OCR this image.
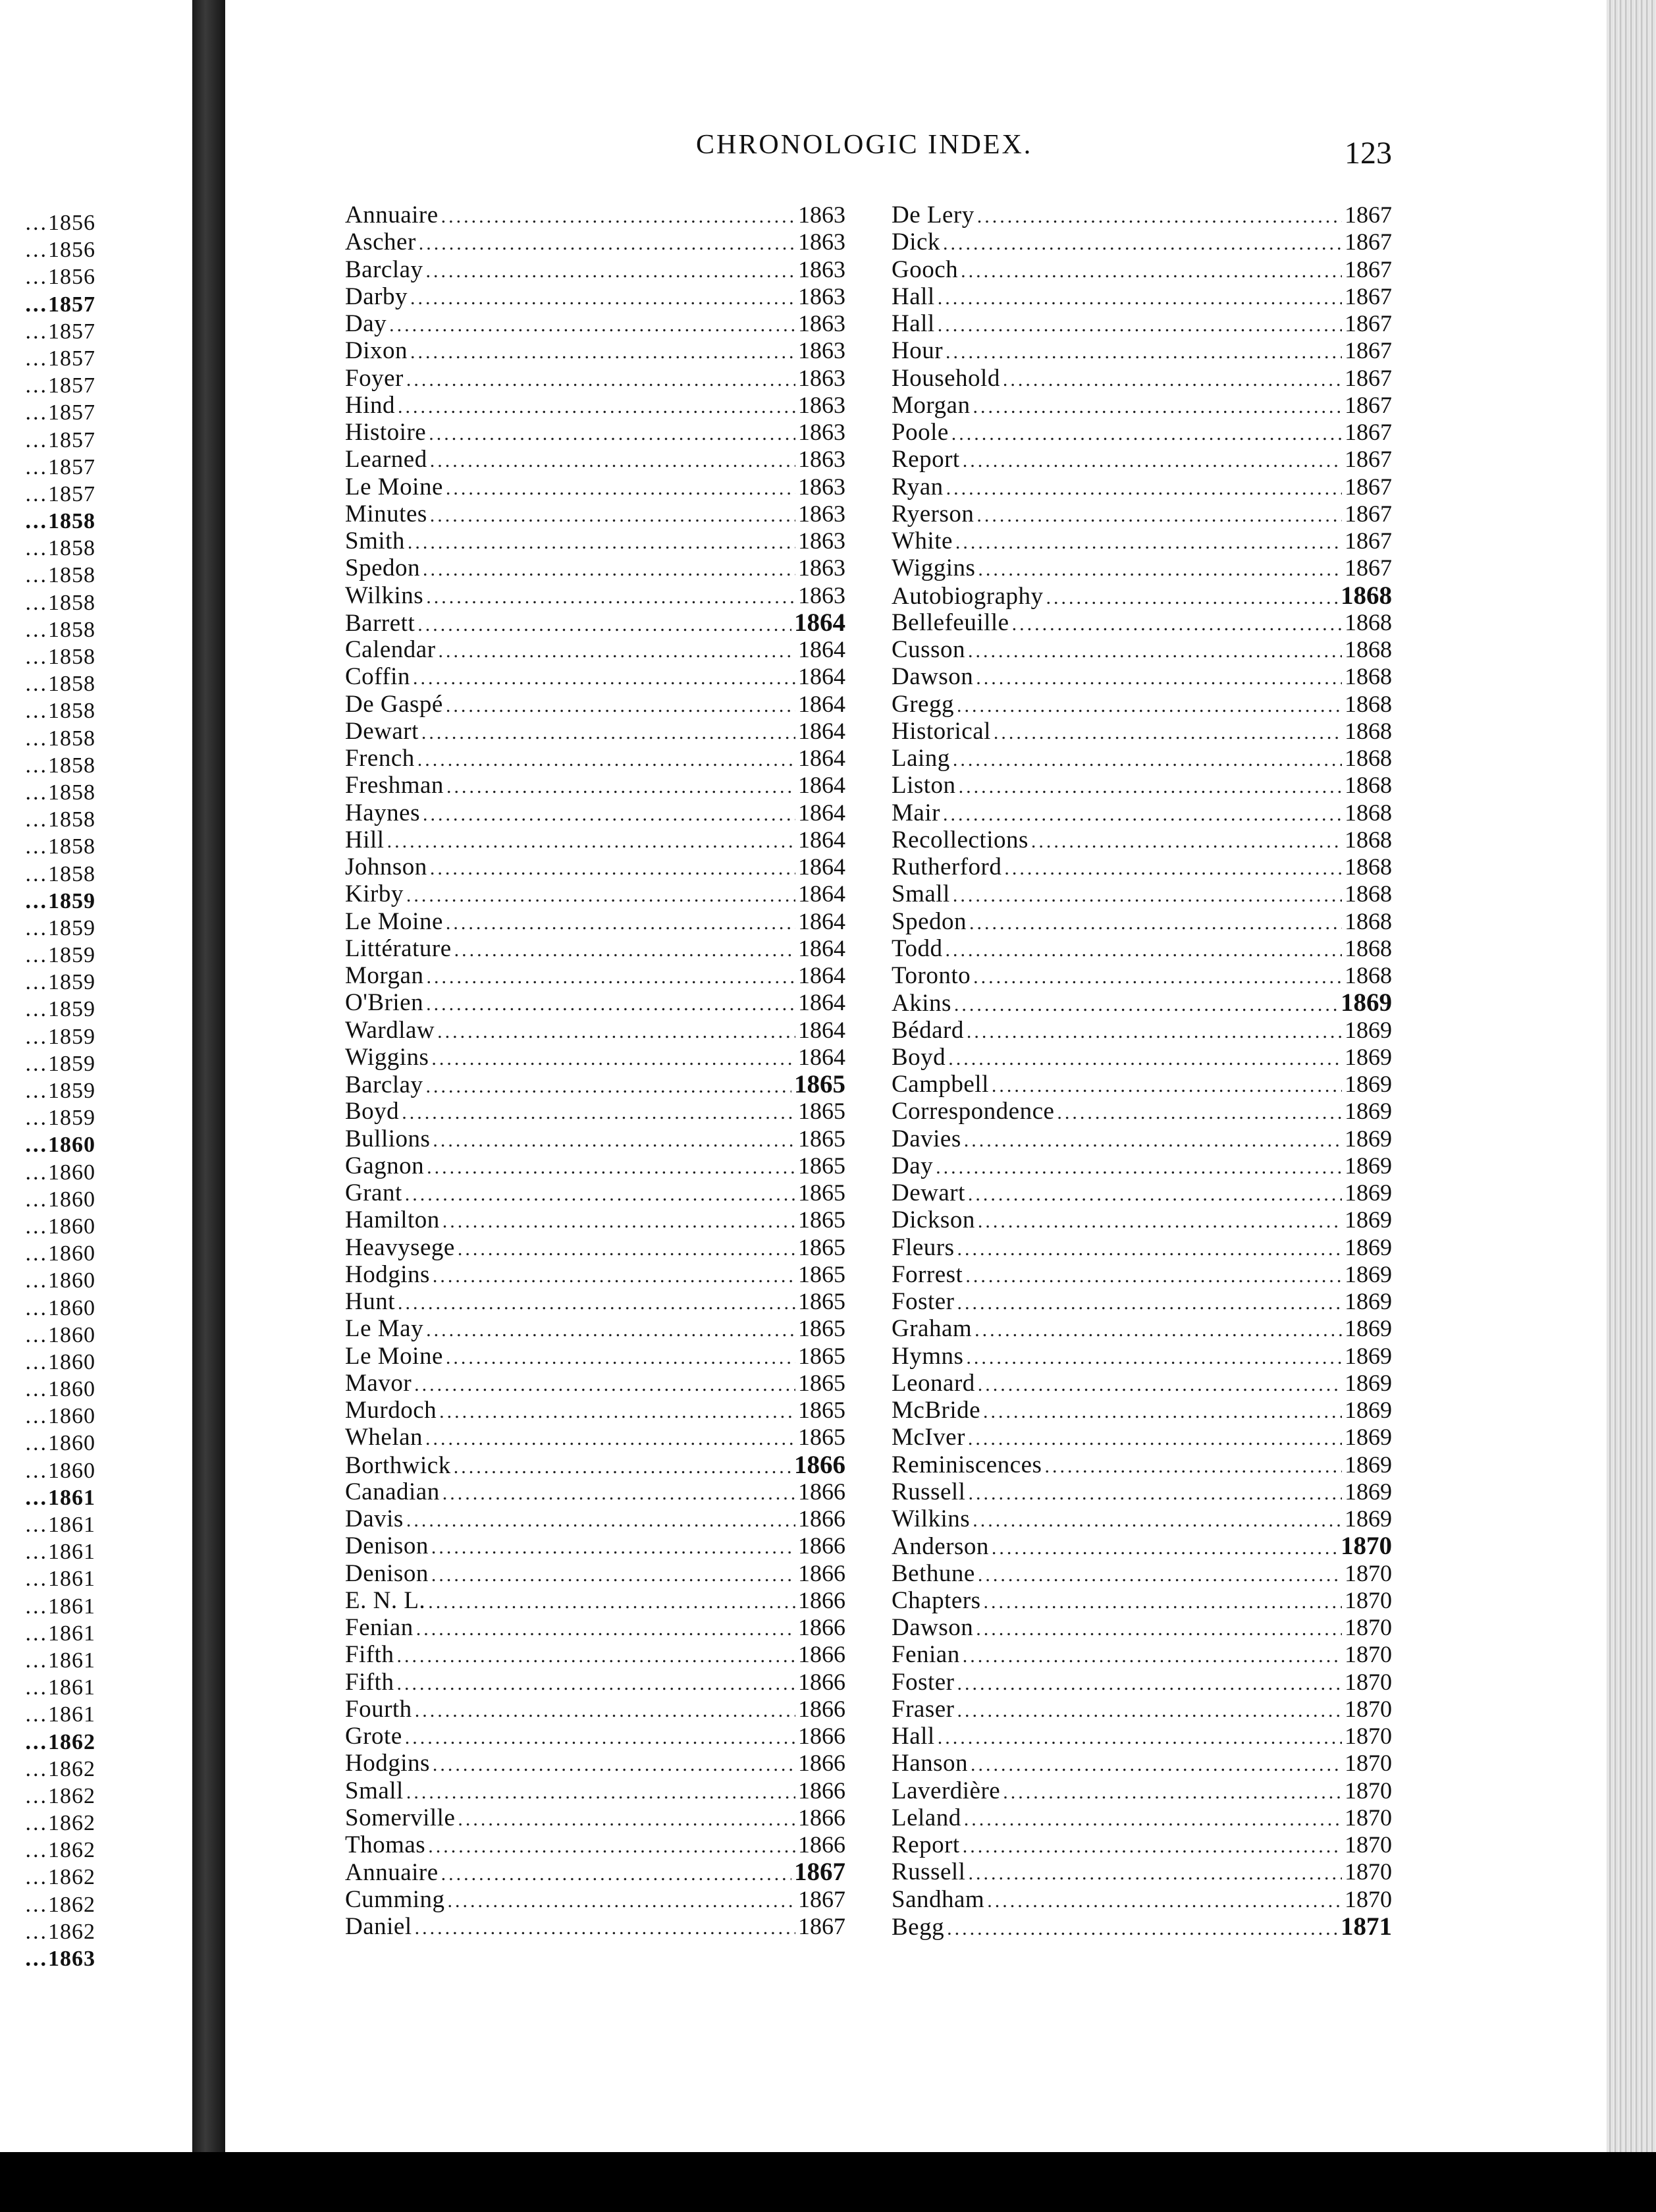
...1856
...1856
...1856
...1857
...1857
...1857
...1857
...1857
...1857
...1857
...1857
...1858
...1858
...1858
...1858
...1858
...1858
...1858
...1858
...1858
...1858
...1858
...1858
...1858
...1858
...1859
...1859
...1859
...1859
...1859
...1859
...1859
...1859
...1859
...1860
...1860
...1860
...1860
...1860
...1860
...1860
...1860
...1860
...1860
...1860
...1860
...1860
...1861
...1861
...1861
...1861
...1861
...1861
...1861
...1861
...1861
...1862
...1862
...1862
...1862
...1862
...1862
...1862
...1862
...1863
CHRONOLOGIC INDEX.	123
Annuaire .....	1863
Ascher .....	1863
Barclay .....	1863
Darby .....	1863
Day .....	1863
Dixon .....	1863
Foyer .....	1863
Hind .....	1863
Histoire .....	1863
Learned .....	1863
Le Moine .....	1863
Minutes .....	1863
Smith .....	1863
Spedon .....	1863
Wilkins .....	1863
Barrett .....	1864
Calendar .....	1864
Coffin .....	1864
De Gaspé .....	1864
Dewart .....	1864
French .....	1864
Freshman .....	1864
Haynes .....	1864
Hill .....	1864
Johnson .....	1864
Kirby .....	1864
Le Moine .....	1864
Littérature .....	1864
Morgan .....	1864
O'Brien .....	1864
Wardlaw .....	1864
Wiggins .....	1864
Barclay .....	1865
Boyd .....	1865
Bullions .....	1865
Gagnon .....	1865
Grant .....	1865
Hamilton .....	1865
Heavysege .....	1865
Hodgins .....	1865
Hunt .....	1865
Le May .....	1865
Le Moine .....	1865
Mavor .....	1865
Murdoch .....	1865
Whelan .....	1865
Borthwick .....	1866
Canadian .....	1866
Davis .....	1866
Denison .....	1866
Denison .....	1866
E. N. L. .....	1866
Fenian .....	1866
Fifth .....	1866
Fifth .....	1866
Fourth .....	1866
Grote .....	1866
Hodgins .....	1866
Small .....	1866
Somerville .....	1866
Thomas .....	1866
Annuaire .....	1867
Cumming .....	1867
Daniel .....	1867
De Lery .....	1867
Dick .....	1867
Gooch .....	1867
Hall .....	1867
Hall .....	1867
Hour .....	1867
Household .....	1867
Morgan .....	1867
Poole .....	1867
Report .....	1867
Ryan .....	1867
Ryerson .....	1867
White .....	1867
Wiggins .....	1867
Autobiography .....	1868
Bellefeuille .....	1868
Cusson .....	1868
Dawson .....	1868
Gregg .....	1868
Historical .....	1868
Laing .....	1868
Liston .....	1868
Mair .....	1868
Recollections .....	1868
Rutherford .....	1868
Small .....	1868
Spedon .....	1868
Todd .....	1868
Toronto .....	1868
Akins .....	1869
Bédard .....	1869
Boyd .....	1869
Campbell .....	1869
Correspondence .....	1869
Davies .....	1869
Day .....	1869
Dewart .....	1869
Dickson .....	1869
Fleurs .....	1869
Forrest .....	1869
Foster .....	1869
Graham .....	1869
Hymns .....	1869
Leonard .....	1869
McBride .....	1869
McIver .....	1869
Reminiscences .....	1869
Russell .....	1869
Wilkins .....	1869
Anderson .....	1870
Bethune .....	1870
Chapters .....	1870
Dawson .....	1870
Fenian .....	1870
Foster .....	1870
Fraser .....	1870
Hall .....	1870
Hanson .....	1870
Laverdière .....	1870
Leland .....	1870
Report .....	1870
Russell .....	1870
Sandham .....	1870
Begg .....	1871
